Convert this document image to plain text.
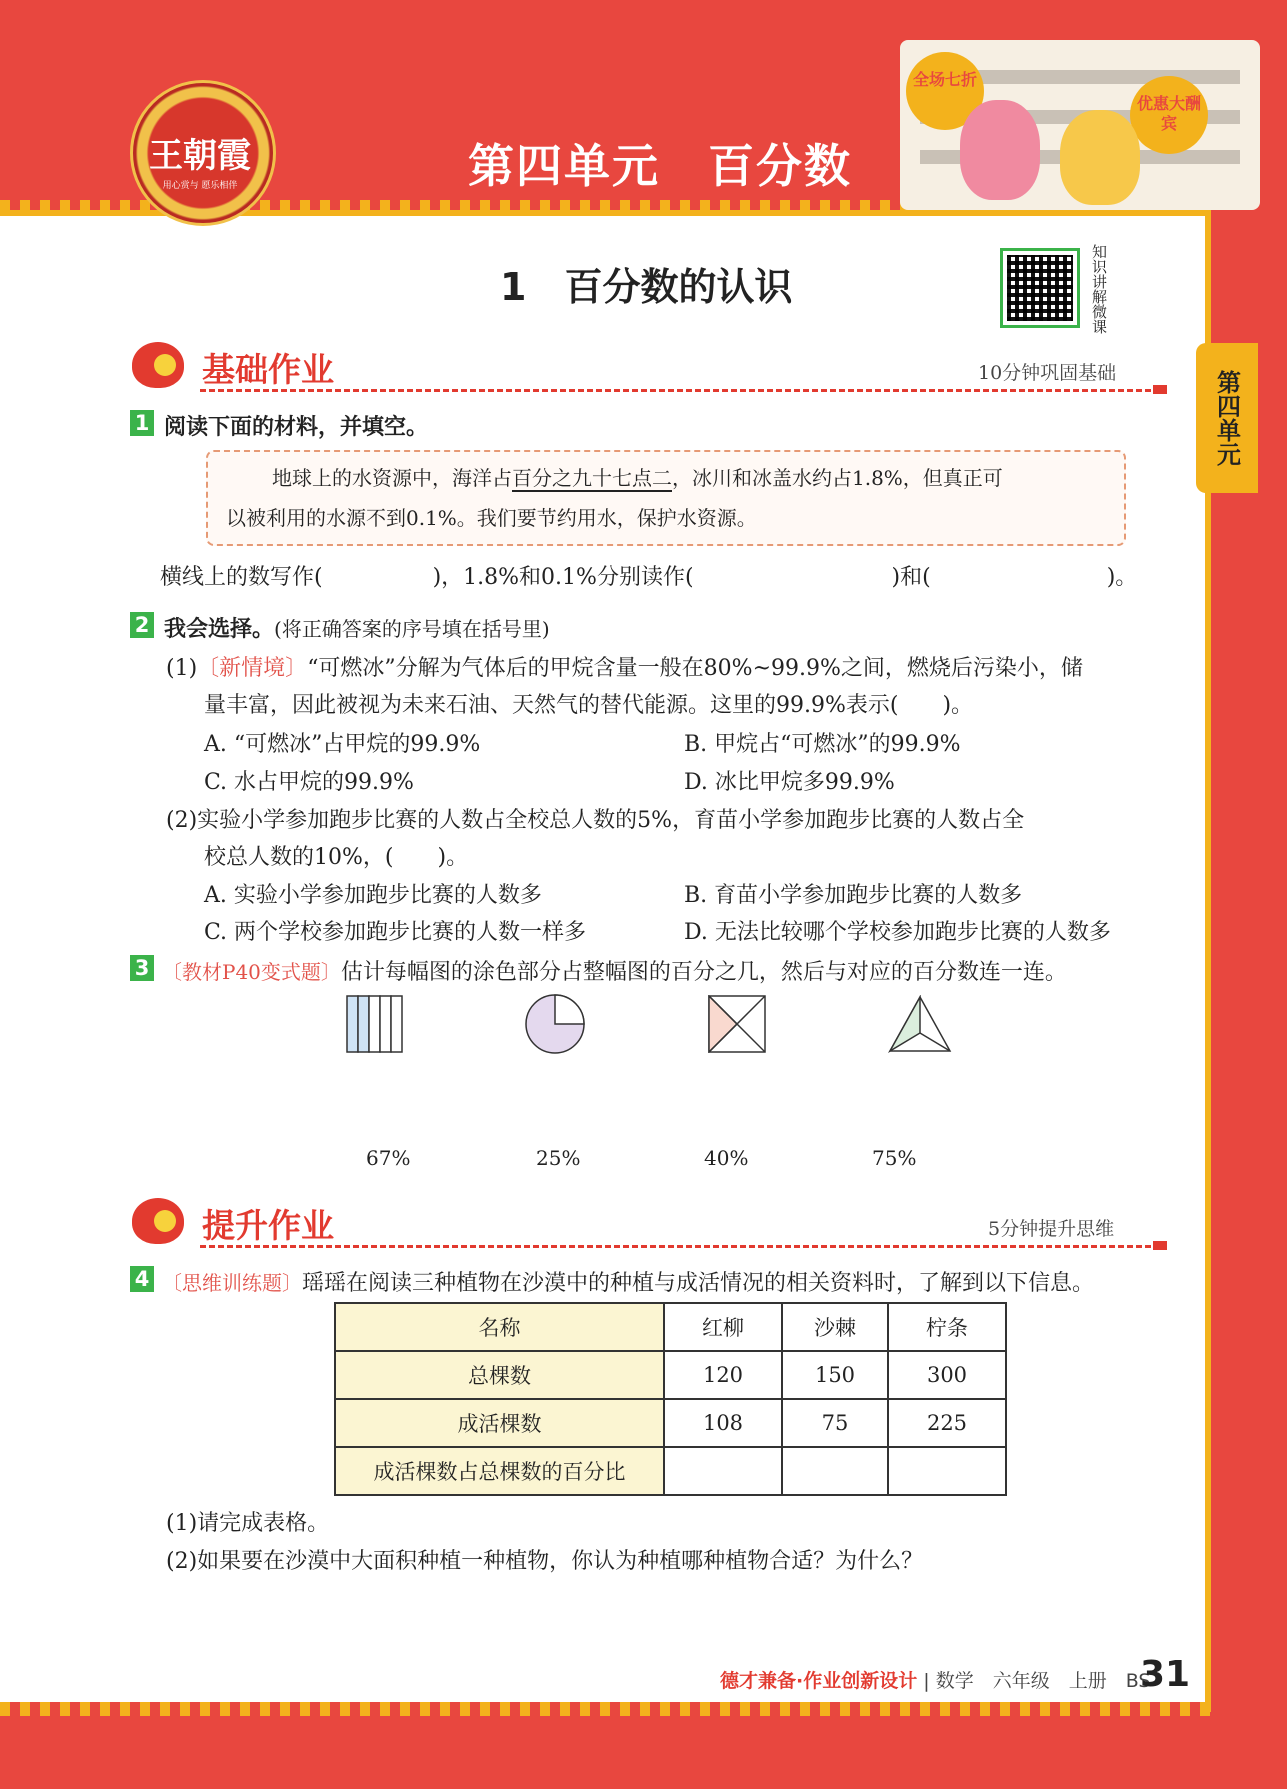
王朝霞
用心赏与 愿乐相伴	第四单元　百分数
全场七折
优惠大酬宾
第四单元
1　百分数的认识	知识讲解微课
基础作业	10分钟巩固基础
1 阅读下面的材料，并填空。
地球上的水资源中，海洋占百分之九十七点二，冰川和冰盖水约占1.8%，但真正可
以被利用的水源不到0.1%。我们要节约用水，保护水资源。
横线上的数写作(　　　　　)，1.8%和0.1%分别读作(　　　　　　　　　)和(　　　　　　　　)。
2 我会选择。(将正确答案的序号填在括号里)
(1)〔新情境〕“可燃冰”分解为气体后的甲烷含量一般在80%~99.9%之间，燃烧后污染小，储
量丰富，因此被视为未来石油、天然气的替代能源。这里的99.9%表示(　　)。
A. “可燃冰”占甲烷的99.9%	B. 甲烷占“可燃冰”的99.9%
C. 水占甲烷的99.9%	D. 冰比甲烷多99.9%
(2)实验小学参加跑步比赛的人数占全校总人数的5%，育苗小学参加跑步比赛的人数占全
校总人数的10%，(　　)。
A. 实验小学参加跑步比赛的人数多	B. 育苗小学参加跑步比赛的人数多
C. 两个学校参加跑步比赛的人数一样多	D. 无法比较哪个学校参加跑步比赛的人数多
3 〔教材P40变式题〕估计每幅图的涂色部分占整幅图的百分之几，然后与对应的百分数连一连。
67%	25%	40%	75%
提升作业	5分钟提升思维
4 〔思维训练题〕瑶瑶在阅读三种植物在沙漠中的种植与成活情况的相关资料时，了解到以下信息。
名称	红柳	沙棘	柠条
总棵数	120	150	300
成活棵数	108	75	225
成活棵数占总棵数的百分比			
(1)请完成表格。
(2)如果要在沙漠中大面积种植一种植物，你认为种植哪种植物合适？为什么？
德才兼备·作业创新设计 | 数学　六年级　上册　BS
31
